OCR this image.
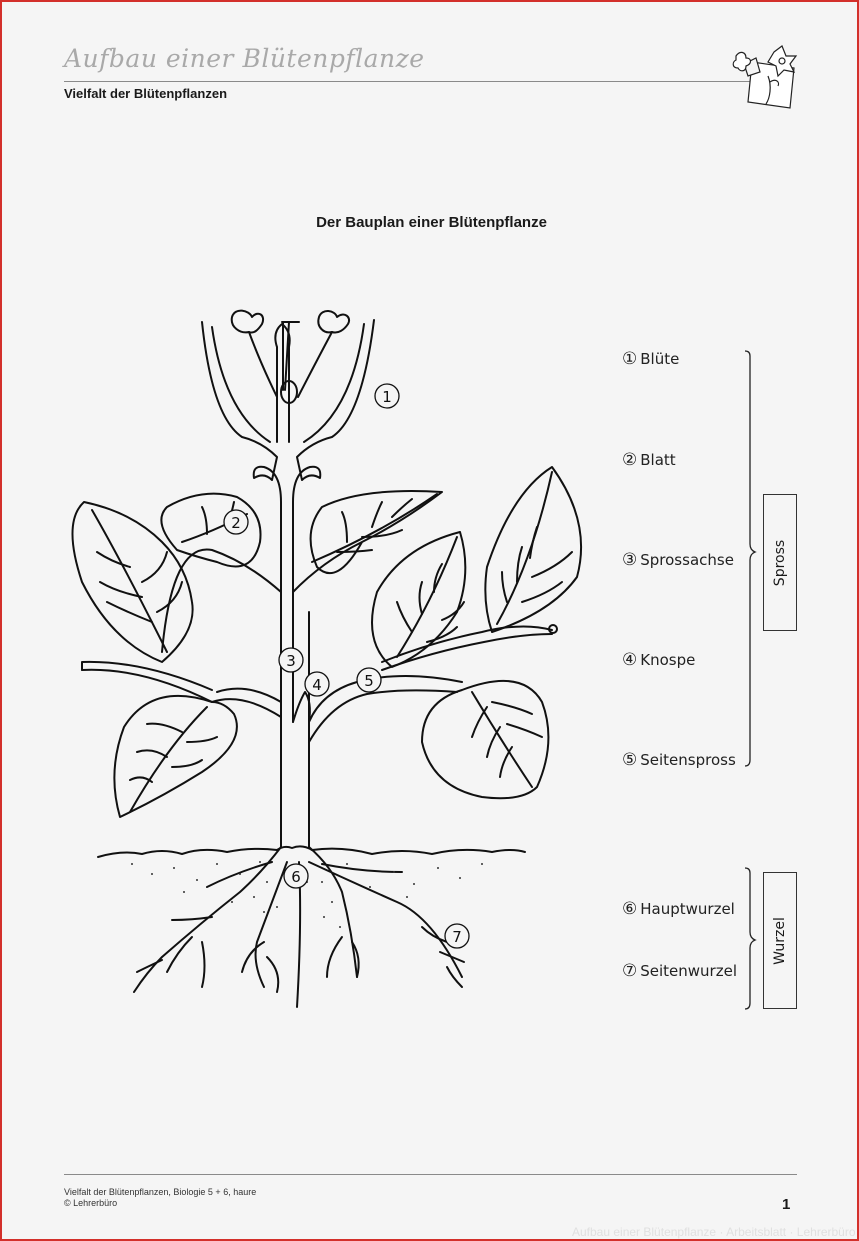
Aufbau einer Blütenpflanze
Vielfalt der Blütenpflanzen
Der Bauplan einer Blütenpflanze
1
2
3
4	5
6
7
① Blüte
② Blatt
③ Sprossachse
④ Knospe
⑤ Seitenspross
⑥ Hauptwurzel
⑦ Seitenwurzel
Spross
Wurzel
Vielfalt der Blütenpflanzen, Biologie 5 + 6, haure
© Lehrerbüro	1
Aufbau einer Blütenpflanze · Arbeitsblatt · Lehrerbüro
